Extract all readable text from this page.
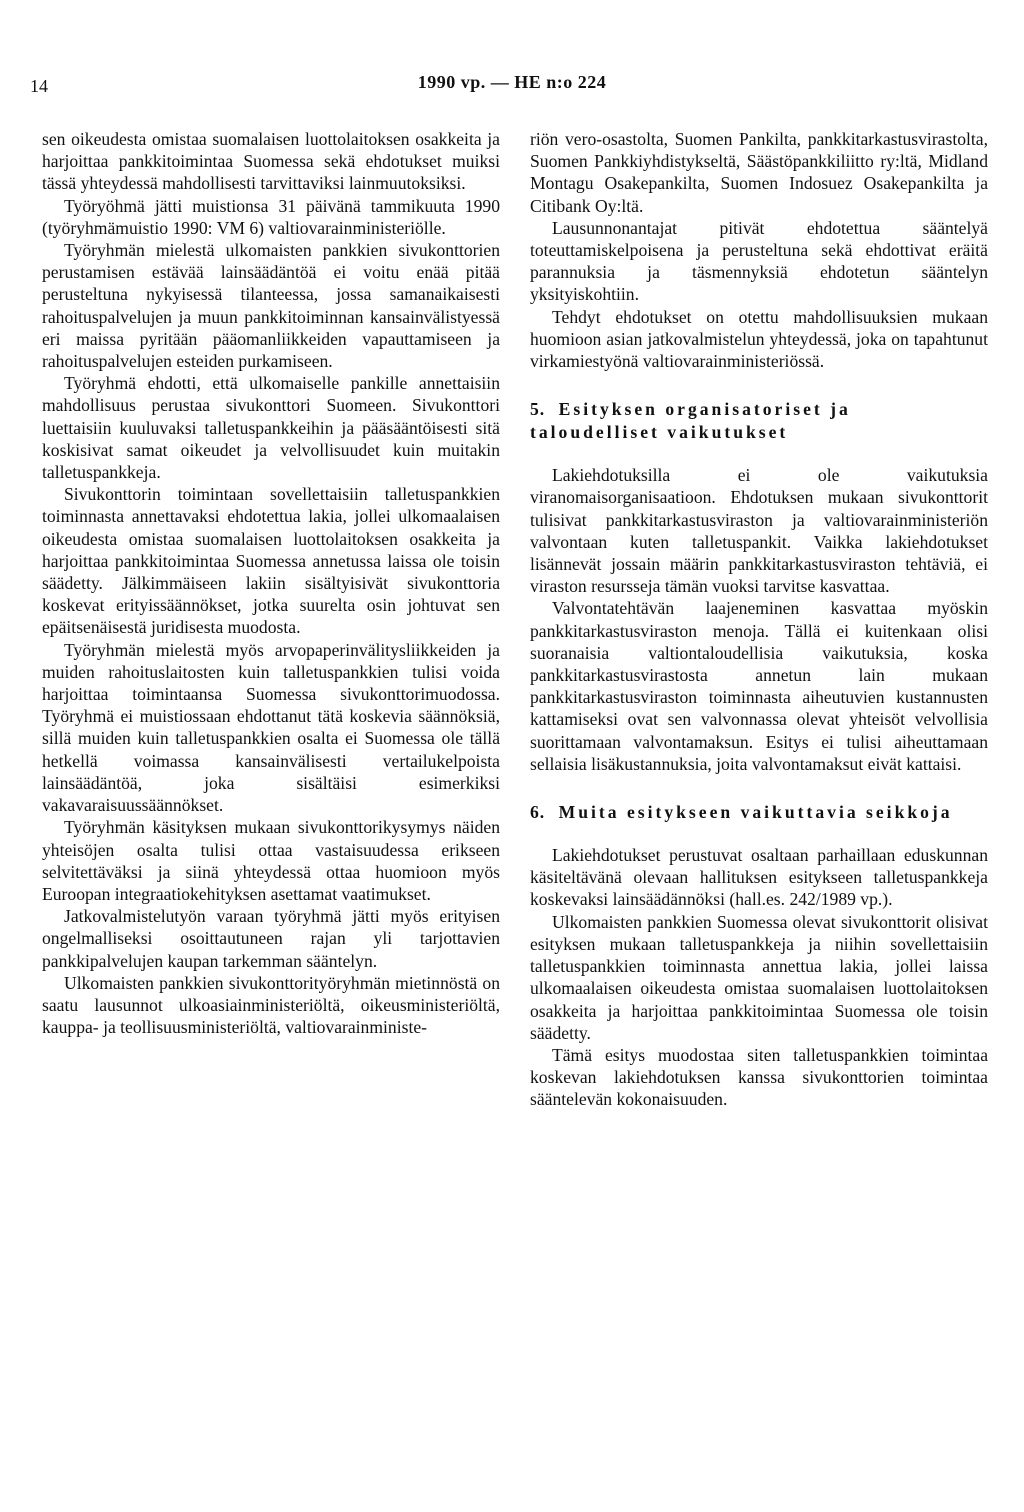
14	1990 vp. — HE n:o 224

sen oikeudesta omistaa suomalaisen luottolaitoksen osakkeita ja harjoittaa pankkitoimintaa Suomessa sekä ehdotukset muiksi tässä yhteydessä mahdollisesti tarvittaviksi lainmuutoksiksi.

Työryöhmä jätti muistionsa 31 päivänä tammikuuta 1990 (työryhmämuistio 1990: VM 6) valtiovarainministeriölle.

Työryhmän mielestä ulkomaisten pankkien sivukonttorien perustamisen estävää lainsäädäntöä ei voitu enää pitää perusteltuna nykyisessä tilanteessa, jossa samanaikaisesti rahoituspalvelujen ja muun pankkitoiminnan kansainvälistyessä eri maissa pyritään pääomanliikkeiden vapauttamiseen ja rahoituspalvelujen esteiden purkamiseen.

Työryhmä ehdotti, että ulkomaiselle pankille annettaisiin mahdollisuus perustaa sivukonttori Suomeen. Sivukonttori luettaisiin kuuluvaksi talletuspankkeihin ja pääsääntöisesti sitä koskisivat samat oikeudet ja velvollisuudet kuin muitakin talletuspankkeja.

Sivukonttorin toimintaan sovellettaisiin talletuspankkien toiminnasta annettavaksi ehdotettua lakia, jollei ulkomaalaisen oikeudesta omistaa suomalaisen luottolaitoksen osakkeita ja harjoittaa pankkitoimintaa Suomessa annetussa laissa ole toisin säädetty. Jälkimmäiseen lakiin sisältyisivät sivukonttoria koskevat erityissäännökset, jotka suurelta osin johtuvat sen epäitsenäisestä juridisesta muodosta.

Työryhmän mielestä myös arvopaperinvälitysliikkeiden ja muiden rahoituslaitosten kuin talletuspankkien tulisi voida harjoittaa toimintaansa Suomessa sivukonttorimuodossa. Työryhmä ei muistiossaan ehdottanut tätä koskevia säännöksiä, sillä muiden kuin talletuspankkien osalta ei Suomessa ole tällä hetkellä voimassa kansainvälisesti vertailukelpoista lainsäädäntöä, joka sisältäisi esimerkiksi vakavaraisuussäännökset.

Työryhmän käsityksen mukaan sivukonttorikysymys näiden yhteisöjen osalta tulisi ottaa vastaisuudessa erikseen selvitettäväksi ja siinä yhteydessä ottaa huomioon myös Euroopan integraatiokehityksen asettamat vaatimukset.

Jatkovalmistelutyön varaan työryhmä jätti myös erityisen ongelmalliseksi osoittautuneen rajan yli tarjottavien pankkipalvelujen kaupan tarkemman sääntelyn.

Ulkomaisten pankkien sivukonttorityöryhmän mietinnöstä on saatu lausunnot ulkoasiainministeriöltä, oikeusministeriöltä, kauppa- ja teollisuusministeriöltä, valtiovarainministe-

riön vero-osastolta, Suomen Pankilta, pankkitarkastusvirastolta, Suomen Pankkiyhdistykseltä, Säästöpankkiliitto ry:ltä, Midland Montagu Osakepankilta, Suomen Indosuez Osakepankilta ja Citibank Oy:ltä.

Lausunnonantajat pitivät ehdotettua sääntelyä toteuttamiskelpoisena ja perusteltuna sekä ehdottivat eräitä parannuksia ja täsmennyksiä ehdotetun sääntelyn yksityiskohtiin.

Tehdyt ehdotukset on otettu mahdollisuuksien mukaan huomioon asian jatkovalmistelun yhteydessä, joka on tapahtunut virkamiestyönä valtiovarainministeriössä.

5. Esityksen organisatoriset ja taloudelliset vaikutukset

Lakiehdotuksilla ei ole vaikutuksia viranomaisorganisaatioon. Ehdotuksen mukaan sivukonttorit tulisivat pankkitarkastusviraston ja valtiovarainministeriön valvontaan kuten talletuspankit. Vaikka lakiehdotukset lisännevät jossain määrin pankkitarkastusviraston tehtäviä, ei viraston resursseja tämän vuoksi tarvitse kasvattaa.

Valvontatehtävän laajeneminen kasvattaa myöskin pankkitarkastusviraston menoja. Tällä ei kuitenkaan olisi suoranaisia valtiontaloudellisia vaikutuksia, koska pankkitarkastusvirastosta annetun lain mukaan pankkitarkastusviraston toiminnasta aiheutuvien kustannusten kattamiseksi ovat sen valvonnassa olevat yhteisöt velvollisia suorittamaan valvontamaksun. Esitys ei tulisi aiheuttamaan sellaisia lisäkustannuksia, joita valvontamaksut eivät kattaisi.

6. Muita esitykseen vaikuttavia seikkoja

Lakiehdotukset perustuvat osaltaan parhaillaan eduskunnan käsiteltävänä olevaan hallituksen esitykseen talletuspankkeja koskevaksi lainsäädännöksi (hall.es. 242/1989 vp.).

Ulkomaisten pankkien Suomessa olevat sivukonttorit olisivat esityksen mukaan talletuspankkeja ja niihin sovellettaisiin talletuspankkien toiminnasta annettua lakia, jollei laissa ulkomaalaisen oikeudesta omistaa suomalaisen luottolaitoksen osakkeita ja harjoittaa pankkitoimintaa Suomessa ole toisin säädetty.

Tämä esitys muodostaa siten talletuspankkien toimintaa koskevan lakiehdotuksen kanssa sivukonttorien toimintaa sääntelevän kokonaisuuden.
